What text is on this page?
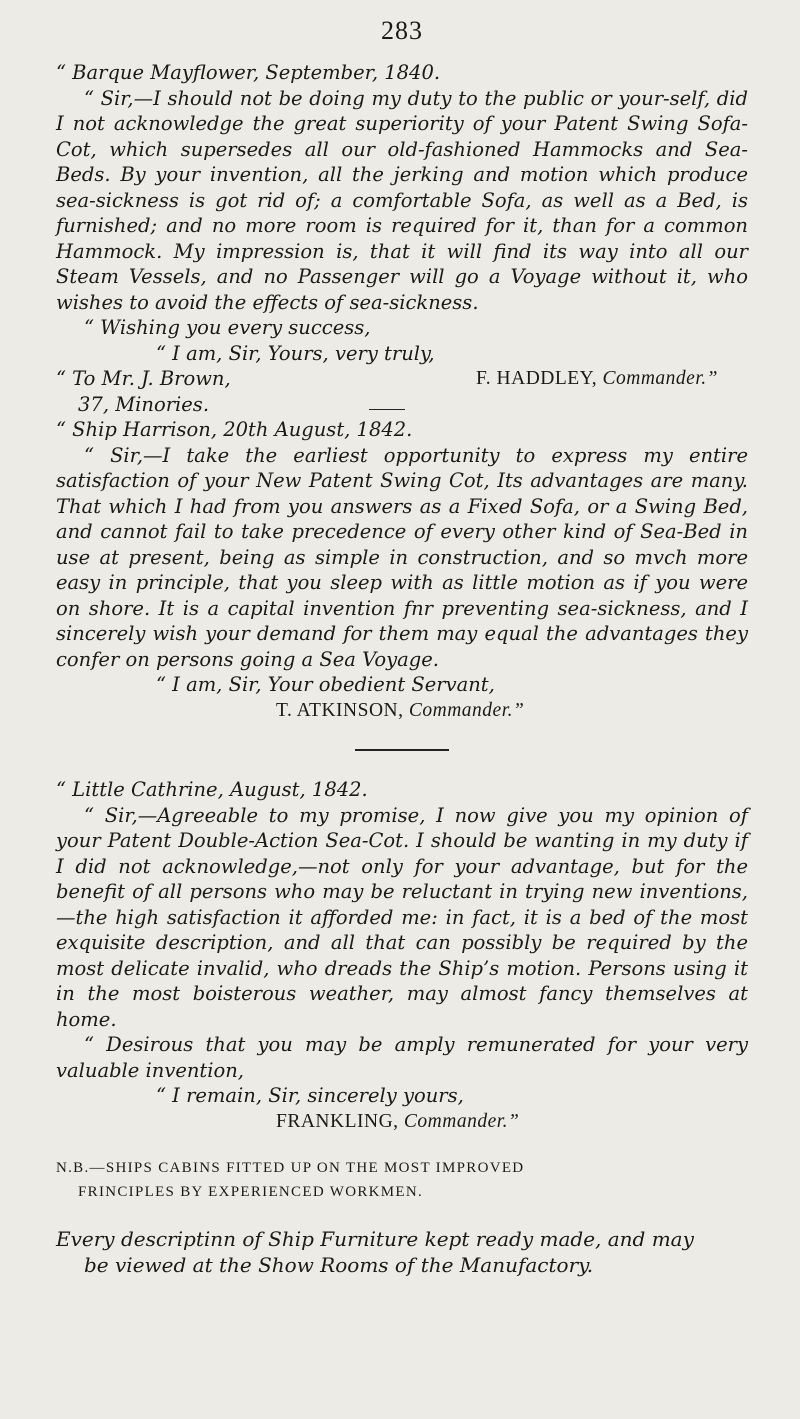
283

“ Barque Mayflower, September, 1840.

“ Sir,—I should not be doing my duty to the public or your-self, did I not acknowledge the great superiority of your Patent Swing Sofa-Cot, which supersedes all our old-fashioned Hammocks and Sea-Beds. By your invention, all the jerking and motion which produce sea-sickness is got rid of; a comfortable Sofa, as well as a Bed, is furnished; and no more room is required for it, than for a common Hammock. My impression is, that it will find its way into all our Steam Vessels, and no Passenger will go a Voyage without it, who wishes to avoid the effects of sea-sickness.

“ Wishing you every success,

“ I am, Sir, Yours, very truly,

“ To Mr. J. Brown,	F. HADDLEY, Commander.”
37, Minories.

“ Ship Harrison, 20th August, 1842.

“ Sir,—I take the earliest opportunity to express my entire satisfaction of your New Patent Swing Cot, Its advantages are many. That which I had from you answers as a Fixed Sofa, or a Swing Bed, and cannot fail to take precedence of every other kind of Sea-Bed in use at present, being as simple in construction, and so mvch more easy in principle, that you sleep with as little motion as if you were on shore. It is a capital invention fnr preventing sea-sickness, and I sincerely wish your demand for them may equal the advantages they confer on persons going a Sea Voyage.

“ I am, Sir, Your obedient Servant,

T. ATKINSON, Commander.”

“ Little Cathrine, August, 1842.

“ Sir,—Agreeable to my promise, I now give you my opinion of your Patent Double-Action Sea-Cot. I should be wanting in my duty if I did not acknowledge,—not only for your advantage, but for the benefit of all persons who may be reluctant in trying new inventions,—the high satisfaction it afforded me: in fact, it is a bed of the most exquisite description, and all that can possibly be required by the most delicate invalid, who dreads the Ship’s motion. Persons using it in the most boisterous weather, may almost fancy themselves at home.

“ Desirous that you may be amply remunerated for your very valuable invention,

“ I remain, Sir, sincerely yours,

FRANKLING, Commander.”

N.B.—SHIPS CABINS FITTED UP ON THE MOST IMPROVED
FRINCIPLES BY EXPERIENCED WORKMEN.
Every descriptinn of Ship Furniture kept ready made, and may
be viewed at the Show Rooms of the Manufactory.
